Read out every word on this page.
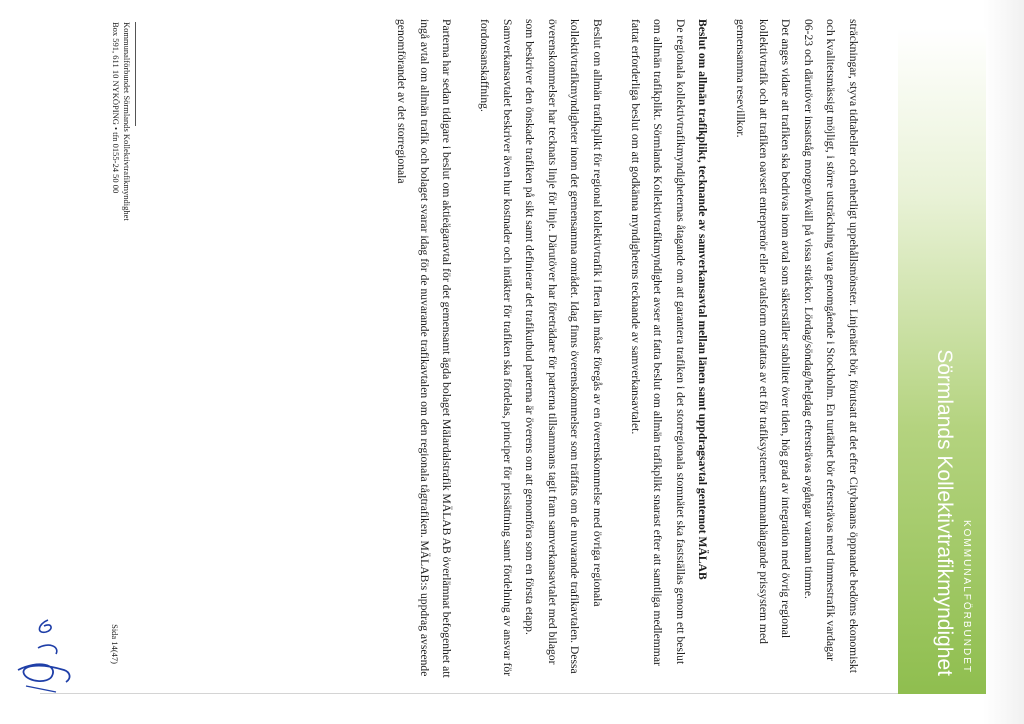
KOMMUNALFÖRBUNDET
Sörmlands Kollektivtrafikmyndighet

sträckningar, styva tidtabeller och enhetligt uppehållsmönster. Linjenätet bör, förutsatt att det efter Citybanans öppnande bedöms ekonomiskt och kvalitetsmässigt möjligt, i större utsträckning vara genomgående i Stockholm. En turtäthet bör eftersträvas med timmestrafik vardagar 06-23 och därutöver insatståg morgon/kväll på vissa sträckor. Lördag/söndag/helgdag eftersträvas avgångar varannan timme.

Det anges vidare att trafiken ska bedrivas inom avtal som säkerställer stabilitet över tiden, hög grad av integration med övrig regional kollektivtrafik och att trafiken oavsett entreprenör eller avtalsform omfattas av ett för trafiksystemet sammanhängande prissystem med gemensamma resevillkor.

Beslut om allmän trafikplikt, tecknande av samverkansavtal mellan länen samt uppdragsavtal gentemot MÄLAB

De regionala kollektivtrafikmyndigheternas åtagande om att garantera trafiken i det storregionala stomnätet ska fastställas genom ett beslut om allmän trafikplikt. Sörmlands Kollektivtrafikmyndighet avser att fatta beslut om allmän trafikplikt snarast efter att samtliga medlemmar fattat erforderliga beslut om att godkänna myndighetens tecknande av samverkansavtalet.

Beslut om allmän trafikplikt för regional kollektivtrafik i flera län måste föregås av en överenskommelse med övriga regionala kollektivtrafikmyndigheter inom det gemensamma området. Idag finns överenskommelser som träffats om de nuvarande trafikavtalen. Dessa överenskommelser har tecknats linje för linje. Därutöver har företrädare för parterna tillsammans tagit fram samverkansavtalet med bilagor som beskriver den önskade trafiken på sikt samt definierar det trafikutbud parterna är överens om att genomföra som en första etapp. Samverkansavtalet beskriver även hur kostnader och intäkter för trafiken ska fördelas, principer för prissättning samt fördelning av ansvar för fordonsanskaffning.

Parterna har sedan tidigare i beslut om aktieägaravtal för det gemensamt ägda bolaget Mälardalstrafik MÄLAB AB överlämnat befogenhet att ingå avtal om allmän trafik och bolaget svarar idag för de nuvarande trafikavtalen om den regionala tågtrafiken. MÄLAB:s uppdrag avseende genomförandet av det storregionala

Sida 14(47)
Kommunalförbundet Sörmlands Kollektivtrafikmyndighet
Box 591, 611 10 NYKÖPING • tfn 0155-24 50 00
